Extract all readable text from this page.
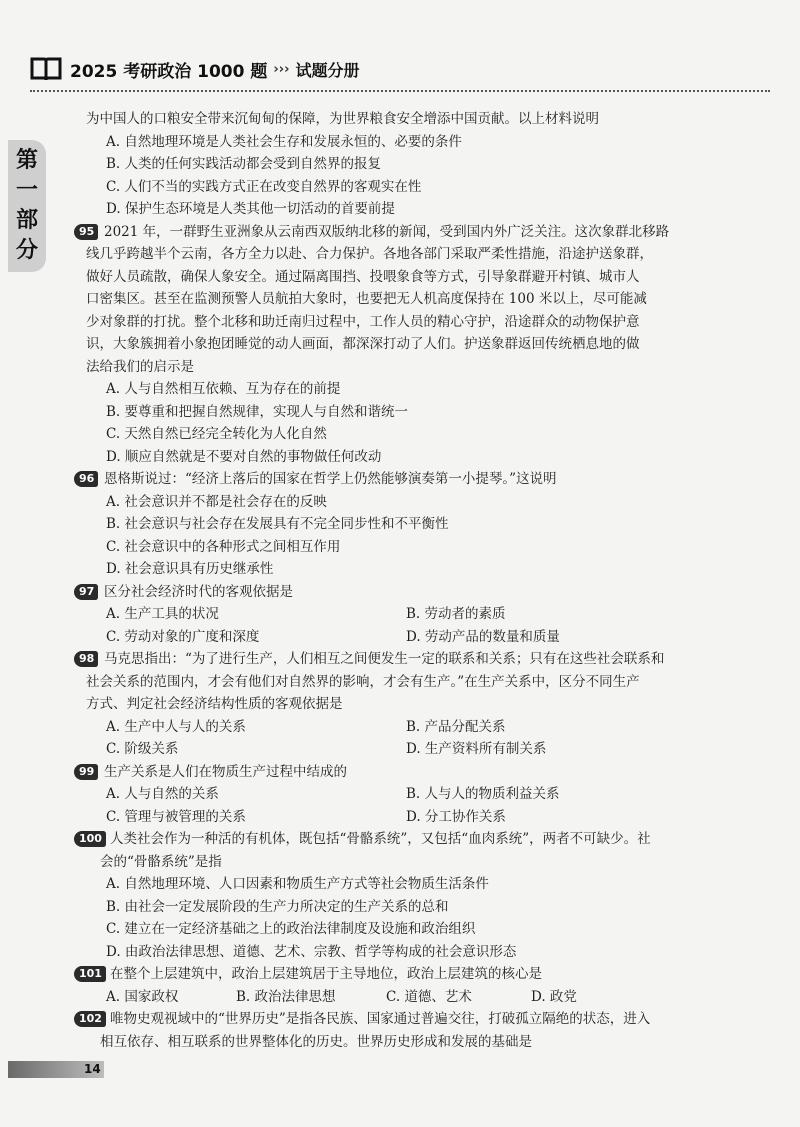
2025 考研政治 1000 题 ››› 试题分册
第
一
部
分
为中国人的口粮安全带来沉甸甸的保障，为世界粮食安全增添中国贡献。以上材料说明
A. 自然地理环境是人类社会生存和发展永恒的、必要的条件
B. 人类的任何实践活动都会受到自然界的报复
C. 人们不当的实践方式正在改变自然界的客观实在性
D. 保护生态环境是人类其他一切活动的首要前提
95 2021 年，一群野生亚洲象从云南西双版纳北移的新闻，受到国内外广泛关注。这次象群北移路
线几乎跨越半个云南，各方全力以赴、合力保护。各地各部门采取严柔性措施，沿途护送象群，
做好人员疏散，确保人象安全。通过隔离围挡、投喂象食等方式，引导象群避开村镇、城市人
口密集区。甚至在监测预警人员航拍大象时，也要把无人机高度保持在 100 米以上，尽可能减
少对象群的打扰。整个北移和助迁南归过程中，工作人员的精心守护，沿途群众的动物保护意
识，大象簇拥着小象抱团睡觉的动人画面，都深深打动了人们。护送象群返回传统栖息地的做
法给我们的启示是
A. 人与自然相互依赖、互为存在的前提
B. 要尊重和把握自然规律，实现人与自然和谐统一
C. 天然自然已经完全转化为人化自然
D. 顺应自然就是不要对自然的事物做任何改动
96 恩格斯说过：“经济上落后的国家在哲学上仍然能够演奏第一小提琴。”这说明
A. 社会意识并不都是社会存在的反映
B. 社会意识与社会存在发展具有不完全同步性和不平衡性
C. 社会意识中的各种形式之间相互作用
D. 社会意识具有历史继承性
97 区分社会经济时代的客观依据是
A. 生产工具的状况	B. 劳动者的素质
C. 劳动对象的广度和深度	D. 劳动产品的数量和质量
98 马克思指出：“为了进行生产，人们相互之间便发生一定的联系和关系；只有在这些社会联系和
社会关系的范围内，才会有他们对自然界的影响，才会有生产。”在生产关系中，区分不同生产
方式、判定社会经济结构性质的客观依据是
A. 生产中人与人的关系	B. 产品分配关系
C. 阶级关系	D. 生产资料所有制关系
99 生产关系是人们在物质生产过程中结成的
A. 人与自然的关系	B. 人与人的物质利益关系
C. 管理与被管理的关系	D. 分工协作关系
100 人类社会作为一种活的有机体，既包括“骨骼系统”，又包括“血肉系统”，两者不可缺少。社
会的“骨骼系统”是指
A. 自然地理环境、人口因素和物质生产方式等社会物质生活条件
B. 由社会一定发展阶段的生产力所决定的生产关系的总和
C. 建立在一定经济基础之上的政治法律制度及设施和政治组织
D. 由政治法律思想、道德、艺术、宗教、哲学等构成的社会意识形态
101 在整个上层建筑中，政治上层建筑居于主导地位，政治上层建筑的核心是
A. 国家政权	B. 政治法律思想	C. 道德、艺术	D. 政党
102 唯物史观视域中的“世界历史”是指各民族、国家通过普遍交往，打破孤立隔绝的状态，进入
相互依存、相互联系的世界整体化的历史。世界历史形成和发展的基础是
14
